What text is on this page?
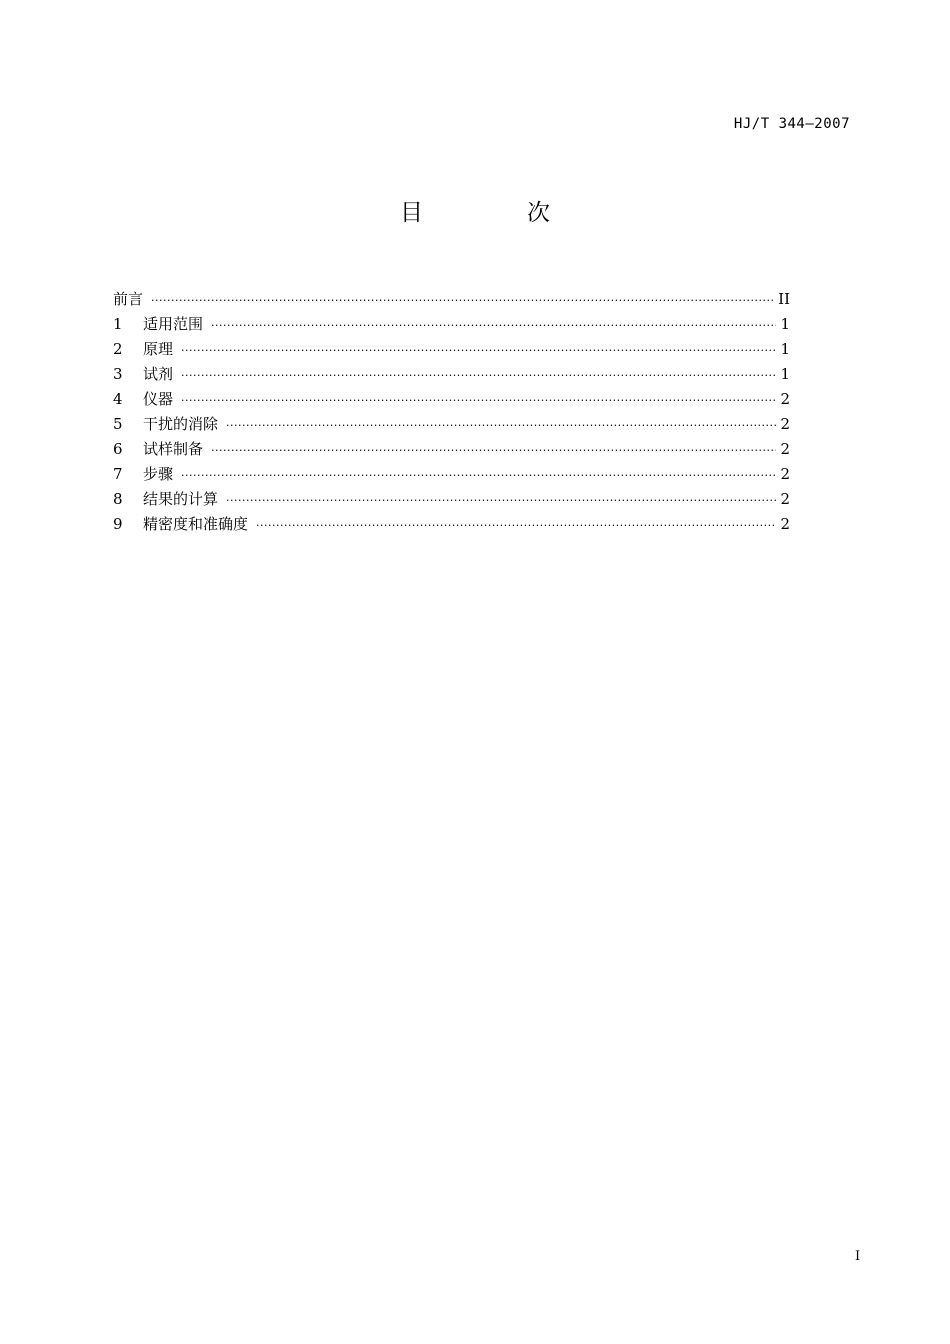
HJ/T 344—2007
目	次
前言 ·····	II
1	适用范围 ·····	1
2	原理 ·····	1
3	试剂 ·····	1
4	仪器 ·····	2
5	干扰的消除 ·····	2
6	试样制备 ·····	2
7	步骤 ·····	2
8	结果的计算 ·····	2
9	精密度和准确度 ·····	2
I
